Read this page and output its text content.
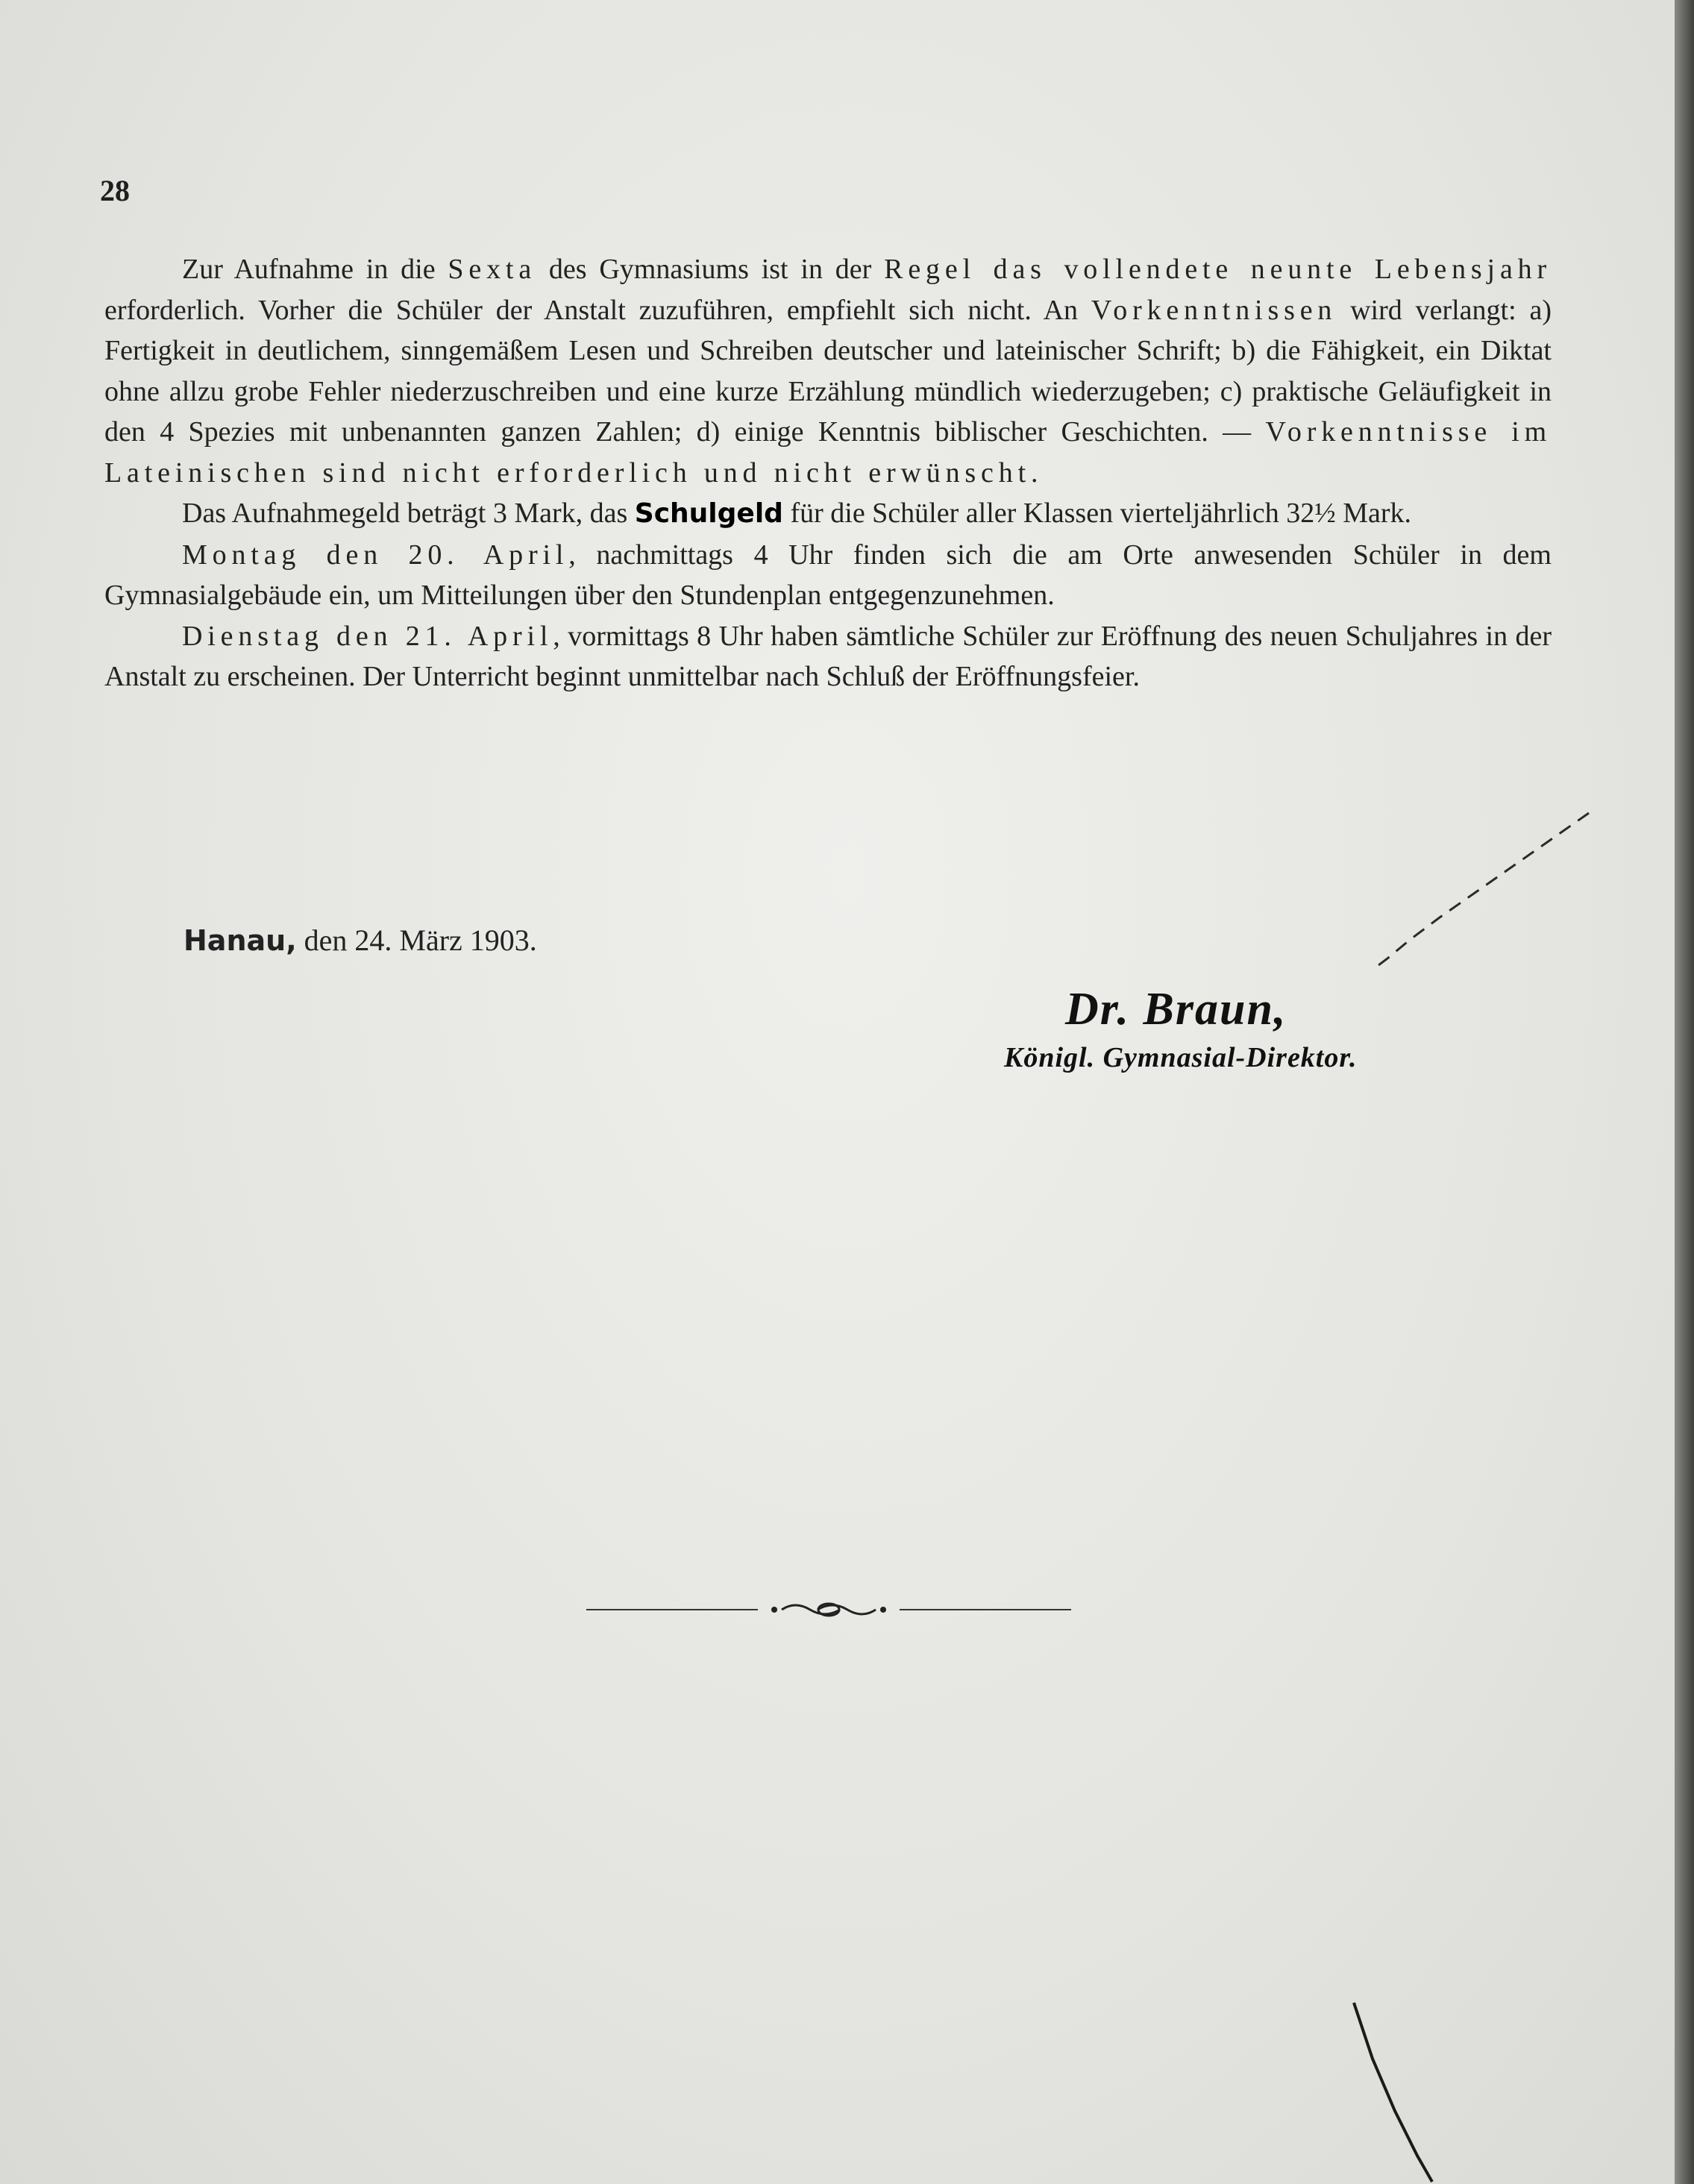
28

Zur Aufnahme in die Sexta des Gymnasiums ist in der Regel das vollendete neunte Lebensjahr erforderlich. Vorher die Schüler der Anstalt zuzuführen, empfiehlt sich nicht. An Vorkenntnissen wird verlangt: a) Fertigkeit in deutlichem, sinngemäßem Lesen und Schreiben deutscher und lateinischer Schrift; b) die Fähigkeit, ein Diktat ohne allzu grobe Fehler niederzuschreiben und eine kurze Erzählung mündlich wiederzugeben; c) praktische Geläufigkeit in den 4 Spezies mit unbenannten ganzen Zahlen; d) einige Kenntnis biblischer Geschichten. — Vorkenntnisse im Lateinischen sind nicht erforderlich und nicht erwünscht.

Das Aufnahmegeld beträgt 3 Mark, das Schulgeld für die Schüler aller Klassen vierteljährlich 32½ Mark.

Montag den 20. April, nachmittags 4 Uhr finden sich die am Orte anwesenden Schüler in dem Gymnasialgebäude ein, um Mitteilungen über den Stundenplan entgegenzunehmen.

Dienstag den 21. April, vormittags 8 Uhr haben sämtliche Schüler zur Eröffnung des neuen Schuljahres in der Anstalt zu erscheinen. Der Unterricht beginnt unmittelbar nach Schluß der Eröffnungsfeier.

Hanau, den 24. März 1903.
Dr. Braun,
Königl. Gymnasial-Direktor.
